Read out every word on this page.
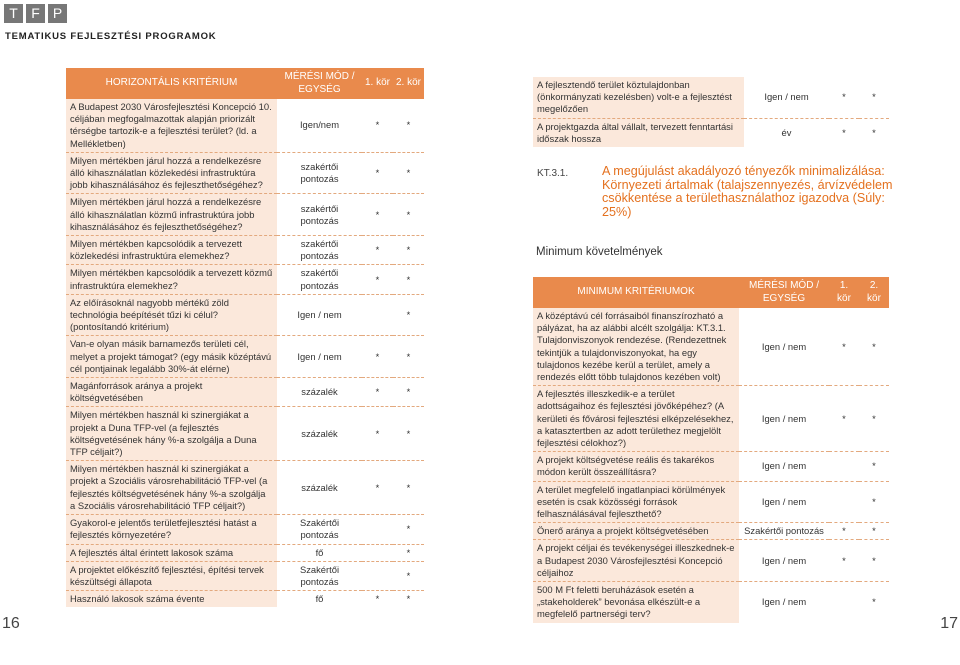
T F P
TEMATIKUS FEJLESZTÉSI PROGRAMOK
HORIZONTÁLIS KRITÉRIUM	MÉRÉSI MÓD / EGYSÉG	1. kör	2. kör
A Budapest 2030 Városfejlesztési Koncepció 10. céljában megfogalmazottak alapján priorizált térségbe tartozik-e a fejlesztési terület? (ld. a Mellékletben)	Igen/nem	*	*
Milyen mértékben járul hozzá a rendelkezésre álló kihasználatlan közlekedési infrastruktúra jobb kihasználásához és fejleszthetőségéhez?	szakértői pontozás	*	*
Milyen mértékben járul hozzá a rendelkezésre álló kihasználatlan közmű infrastruktúra jobb kihasználásához és fejleszthetőségéhez?	szakértői pontozás	*	*
Milyen mértékben kapcsolódik a tervezett közlekedési infrastruktúra elemekhez?	szakértői pontozás	*	*
Milyen mértékben kapcsolódik a tervezett közmű infrastruktúra elemekhez?	szakértői pontozás	*	*
Az előírásoknál nagyobb mértékű zöld technológia beépítését tűzi ki célul? (pontosítandó kritérium)	Igen / nem		*
Van-e olyan másik barnamezős területi cél, melyet a projekt támogat? (egy másik középtávú cél pontjainak legalább 30%-át elérne)	Igen / nem	*	*
Magánforrások aránya a projekt költségvetésében	százalék	*	*
Milyen mértékben használ ki szinergiákat a projekt a Duna TFP-vel (a fejlesztés költségvetésének hány %-a szolgálja a Duna TFP céljait?)	százalék	*	*
Milyen mértékben használ ki szinergiákat a projekt a Szociális városrehabilitáció TFP-vel (a fejlesztés költségvetésének hány %-a szolgálja a Szociális városrehabilitáció TFP céljait?)	százalék	*	*
Gyakorol-e jelentős területfejlesztési hatást a fejlesztés környezetére?	Szakértői pontozás		*
A fejlesztés által érintett lakosok száma	fő		*
A projektet előkészítő fejlesztési, építési tervek készültségi állapota	Szakértői pontozás		*
Használó lakosok száma évente	fő	*	*
A fejlesztendő terület köztulajdonban (önkormányzati kezelésben) volt-e a fejlesztést megelőzően	Igen / nem	*	*
A projektgazda által vállalt, tervezett fenntartási időszak hossza	év	*	*
KT.3.1.	A megújulást akadályozó tényezők minimalizálása: Környezeti ártalmak (talajszennyezés, árvízvédelem csökkentése a területhasználathoz igazodva (Súly: 25%)
Minimum követelmények
MINIMUM KRITÉRIUMOK	MÉRÉSI MÓD / EGYSÉG	1. kör	2. kör
A középtávú cél forrásaiból finanszírozható a pályázat, ha az alábbi alcélt szolgálja: KT.3.1. Tulajdonviszonyok rendezése. (Rendezettnek tekintjük a tulajdonviszonyokat, ha egy tulajdonos kezébe kerül a terület, amely a rendezés előtt több tulajdonos kezében volt)	Igen / nem	*	*
A fejlesztés illeszkedik-e a terület adottságaihoz és fejlesztési jövőképéhez? (A kerületi és fővárosi fejlesztési elképzelésekhez, a katasztertben az adott területhez megjelölt fejlesztési célokhoz?)	Igen / nem	*	*
A projekt költségvetése reális és takarékos módon került összeállításra?	Igen / nem		*
A terület megfelelő ingatlanpiaci körülmények esetén is csak közösségi források felhasználásával fejleszthető?	Igen / nem		*
Önerő aránya a projekt költségvetésében	Szakértői pontozás	*	*
A projekt céljai és tevékenységei illeszkednek-e a Budapest 2030 Városfejlesztési Koncepció céljaihoz	Igen / nem	*	*
500 M Ft feletti beruházások esetén a „stakeholderek” bevonása elkészült-e a megfelelő partnerségi terv?	Igen / nem		*
16	17
